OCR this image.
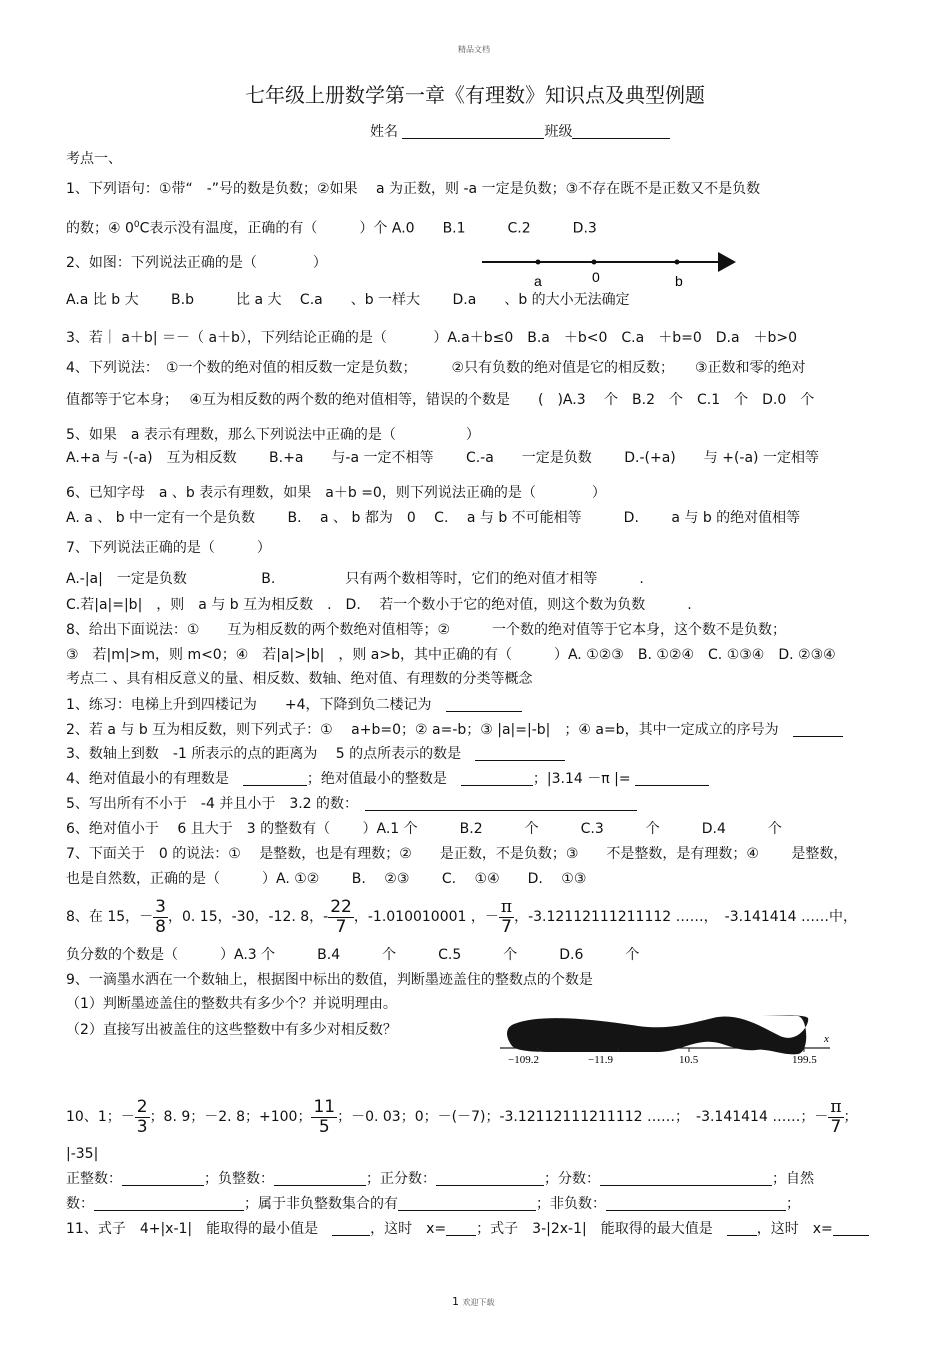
精品文档
七年级上册数学第一章《有理数》知识点及典型例题
姓名	班级
考点一、
1、下列语句：①带“　-”号的数是负数；②如果　 a 为正数，则 -a 一定是负数；③不存在既不是正数又不是负数
的数；④ $0^0C$表示没有温度，正确的有（　　　）个 A.0　　B.1　　　C.2　　　D.3
2、如图：下列说法正确的是（　　　　）
a	0	b
A.a 比 b 大　　 B.b　　　比 a 大　 C.a　　、b 一样大　　 D.a　　、b 的大小无法确定
3、若｜ a＋b| ＝－（ a＋b），下列结论正确的是（　　　 ）A.a＋b≤0　B.a　＋b<0　C.a　＋b=0　D.a　＋b>0
4、下列说法：　①一个数的绝对值的相反数一定是负数；　　　②只有负数的绝对值是它的相反数；　　③正数和零的绝对
值都等于它本身；　 ④互为相反数的两个数的绝对值相等，错误的个数是　　(　)A.3　 个　B.2　个　C.1　个　D.0　个
5、如果　a 表示有理数，那么下列说法中正确的是（　　　　　）
A.+a 与 -(-a)　互为相反数　　 B.+a　　与-a 一定不相等　　 C.-a　　一定是负数　　 D.-(+a)　　与 +(-a) 一定相等
6、已知字母　a 、b 表示有理数，如果　a＋b =0，则下列说法正确的是（　　　　）
A. a 、 b 中一定有一个是负数　　 B.　 a 、 b 都为　0　 C.　 a 与 b 不可能相等　　　D.　　 a 与 b 的绝对值相等
7、下列说法正确的是（　　　）
A.-|a|　一定是负数　　　　　 B.　　　　　只有两个数相等时，它们的绝对值才相等　　　.
C.若|a|=|b|　，则　a 与 b 互为相反数　.　D.　 若一个数小于它的绝对值，则这个数为负数　　　.
8、给出下面说法：①　　互为相反数的两个数绝对值相等；②　　　一个数的绝对值等于它本身，这个数不是负数；
③　若|m|>m，则 m<0；④　若|a|>|b|　，则 a>b，其中正确的有（　　　）A. ①②③　B. ①②④　C. ①③④　D. ②③④
考点二 、具有相反意义的量、相反数、数轴、绝对值、有理数的分类等概念
1、练习：电梯上升到四楼记为　　+4，下降到负二楼记为　
2、若 a 与 b 互为相反数，则下列式子：①　 a+b=0；② a=-b；③ |a|=|-b|　；④ a=b，其中一定成立的序号为　
3、数轴上到数　-1 所表示的点的距离为　 5 的点所表示的数是　
4、绝对值最小的有理数是　	；绝对值最小的整数是　	；|3.14 －π |=
5、写出所有不小于　-4 并且小于　3.2 的数：　
6、绝对值小于　 6 且大于　3 的整数有（　　 ）A.1 个　　　B.2　　　个　　　C.3　　　个　　　D.4　　　个
7、下面关于　0 的说法：①　 是整数，也是有理数；②　　是正数，不是负数；③　　不是整数，是有理数；④　　 是整数，
也是自然数，正确的是（　　　）A. ①②　　 B.　 ②③　　 C.　 ①④　　D.　 ①③
8、在 15，－ $\frac{3}{8}$ ，0. 15，-30，-12. 8，- $\frac{22}{7}$ ，-1.010010001 ，－ $\frac{\pi}{7}$ ，-3.12112111211112 ……，　-3.141414 ……中，
负分数的个数是（　　　）A.3 个　　　B.4　　　个　　　C.5　　　个　　　D.6　　　个
9、一滴墨水洒在一个数轴上，根据图中标出的数值，判断墨迹盖住的整数点的个数是
（1）判断墨迹盖住的整数共有多少个？并说明理由。
（2）直接写出被盖住的这些整数中有多少对相反数？
x
−109.2	−11.9	10.5	199.5
10、1；－ $\frac{2}{3}$ ；8. 9；－2. 8；+100； $\frac{11}{5}$ ；－0. 03；0；－(－7)；-3.12112111211112 ……；　-3.141414 ……；－ $\frac{\pi}{7}$ ；
|-35|
正整数：	；负整数：	；正分数：	；分数：	；自然
数：	；属于非负整数集合的有	；非负数：	；
11、式子　4+|x-1|　能取得的最小值是　	，这时　x= ；式子　3-|2x-1|　能取得的最大值是　	，这时　x=
1 欢迎下载
